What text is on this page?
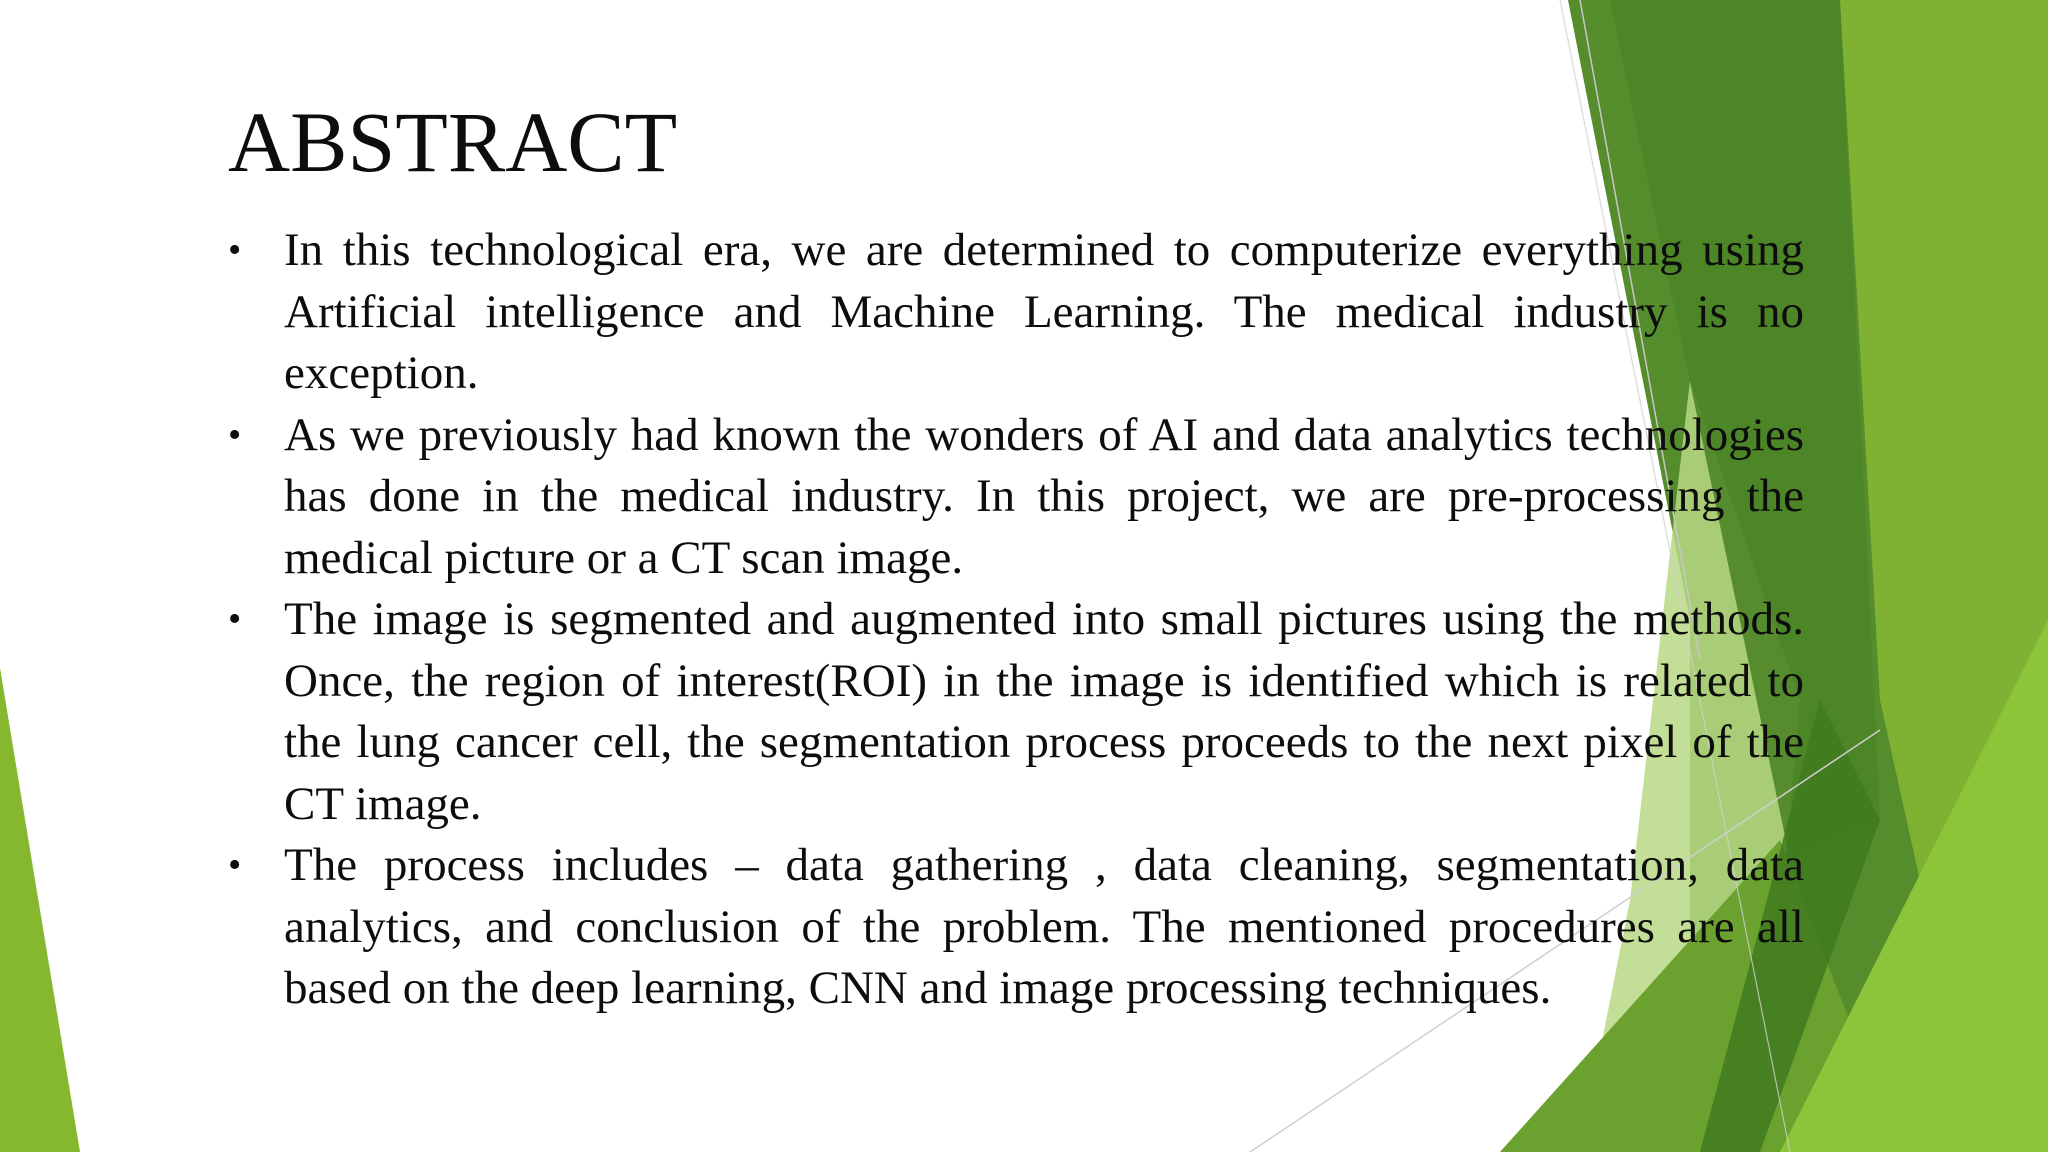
ABSTRACT
• In this technological era, we are determined to computerize everything using Artificial intelligence and Machine Learning. The medical industry is no exception.
• As we previously had known the wonders of AI and data analytics technologies has done in the medical industry. In this project, we are pre-processing the medical picture or a CT scan image.
• The image is segmented and augmented into small pictures using the methods. Once, the region of interest(ROI) in the image is identified which is related to the lung cancer cell, the segmentation process proceeds to the next pixel of the CT image.
• The process includes – data gathering , data cleaning, segmentation, data analytics, and conclusion of the problem. The mentioned procedures are all based on the deep learning, CNN and image processing techniques.
